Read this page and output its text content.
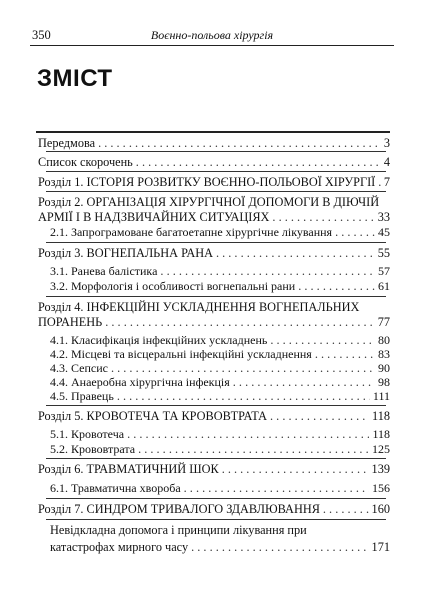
350	Воєнно-польова хірургія
ЗМІСТ
Передмова . . .	3
Список скорочень . . .	4
Розділ 1. ІСТОРІЯ РОЗВИТКУ ВОЄННО-ПОЛЬОВОЇ ХІРУРГІЇ . . . 7
Розділ 2. ОРГАНІЗАЦІЯ ХІРУРГІЧНОЇ ДОПОМОГИ В ДІЮЧІЙ
АРМІЇ І В НАДЗВИЧАЙНИХ СИТУАЦІЯХ . . .	33
2.1. Запрограмоване багатоетапне хірургічне лікування . . .	45
Розділ 3. ВОГНЕПАЛЬНА РАНА . . .	55
3.1. Ранева балістика . . .	57
3.2. Морфологія і особливості вогнепальні рани . . .	61
Розділ 4. ІНФЕКЦІЙНІ УСКЛАДНЕННЯ ВОГНЕПАЛЬНИХ
ПОРАНЕНЬ . . .	77
4.1. Класифікація інфекційних ускладнень . . .	80
4.2. Місцеві та вісцеральні інфекційні ускладнення . . .	83
4.3. Сепсис . . .	90
4.4. Анаеробна хірургічна інфекція . . .	98
4.5. Правець . . .	111
Розділ 5. КРОВОТЕЧА ТА КРОВОВТРАТА . . .	118
5.1. Кровотеча . . .	118
5.2. Крововтрата . . .	125
Розділ 6. ТРАВМАТИЧНИЙ ШОК . . .	139
6.1. Травматична хвороба . . .	156
Розділ 7. СИНДРОМ ТРИВАЛОГО ЗДАВЛЮВАННЯ . . .	160
Невідкладна допомога і принципи лікування при
катастрофах мирного часу . . .	171
